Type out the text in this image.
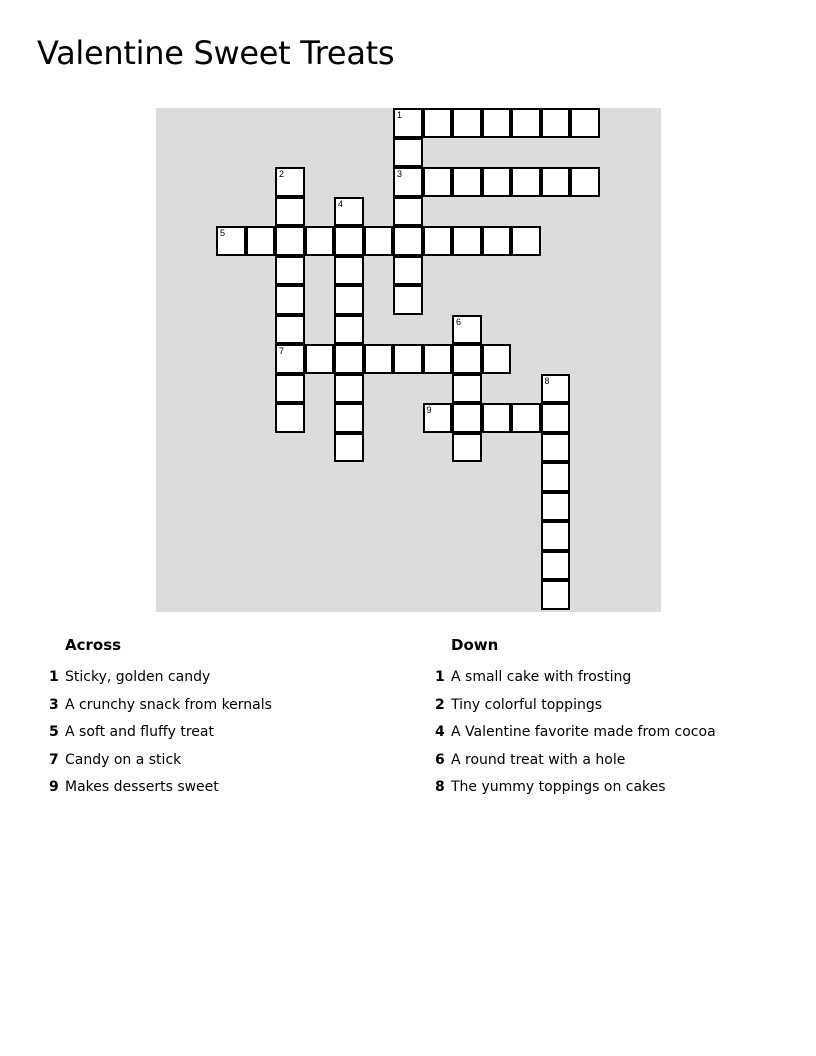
Valentine Sweet Treats
1
2	3
4
5
6
7
8
9
Across
1 Sticky, golden candy
3 A crunchy snack from kernals
5 A soft and fluffy treat
7 Candy on a stick
9 Makes desserts sweet
Down
1 A small cake with frosting
2 Tiny colorful toppings
4 A Valentine favorite made from cocoa
6 A round treat with a hole
8 The yummy toppings on cakes
